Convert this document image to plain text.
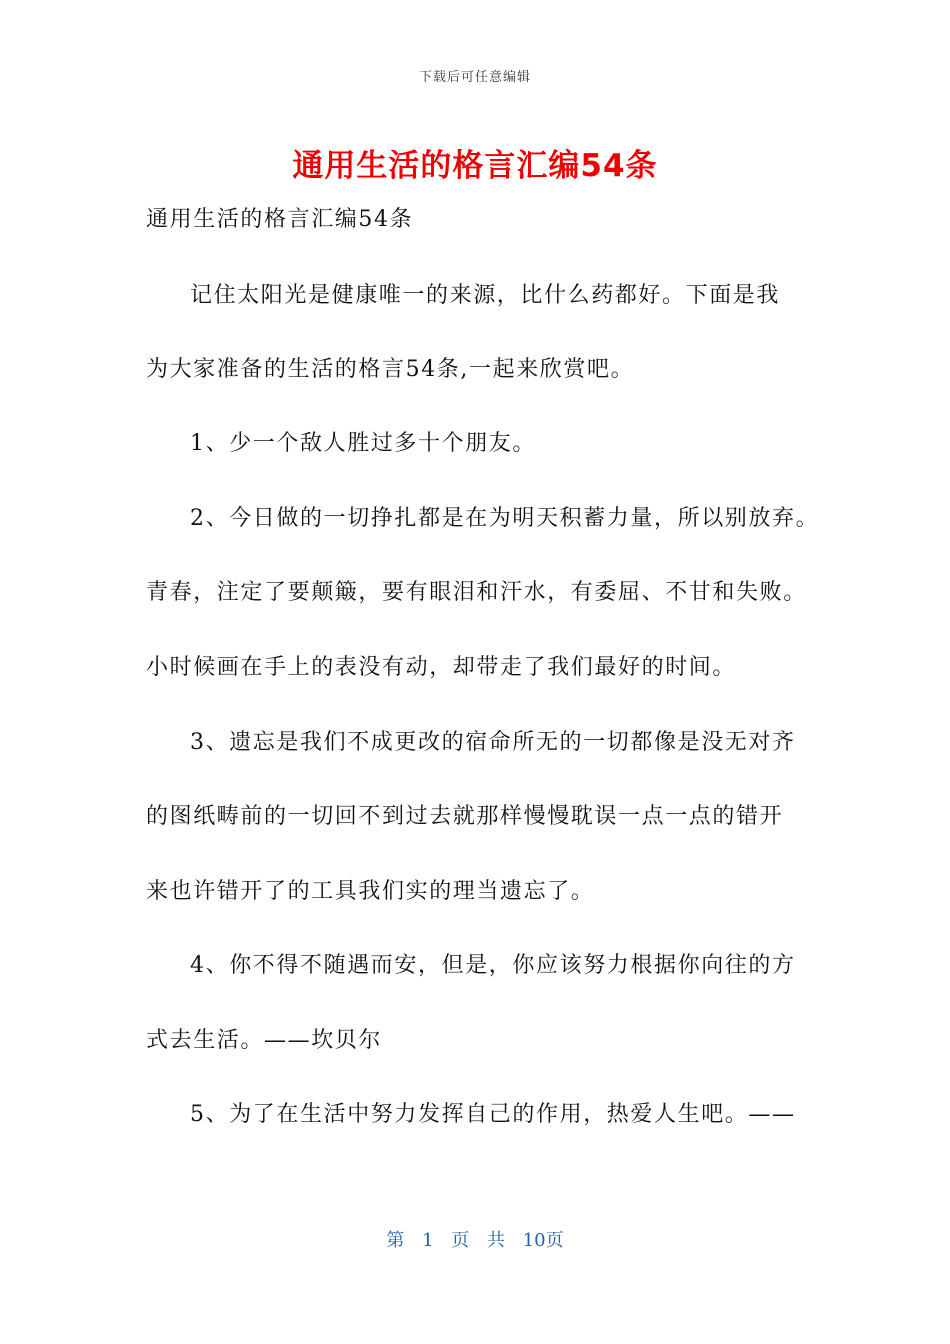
下载后可任意编辑
通用生活的格言汇编54条
通用生活的格言汇编54条
记住太阳光是健康唯一的来源，比什么药都好。下面是我
为大家准备的生活的格言54条,一起来欣赏吧。
1、少一个敌人胜过多十个朋友。
2、今日做的一切挣扎都是在为明天积蓄力量，所以别放弃。
青春，注定了要颠簸，要有眼泪和汗水，有委屈、不甘和失败。
小时候画在手上的表没有动，却带走了我们最好的时间。
3、遗忘是我们不成更改的宿命所无的一切都像是没无对齐
的图纸畴前的一切回不到过去就那样慢慢耽误一点一点的错开
来也许错开了的工具我们实的理当遗忘了。
4、你不得不随遇而安，但是，你应该努力根据你向往的方
式去生活。——坎贝尔
5、为了在生活中努力发挥自己的作用，热爱人生吧。——
第 1 页 共 10页
